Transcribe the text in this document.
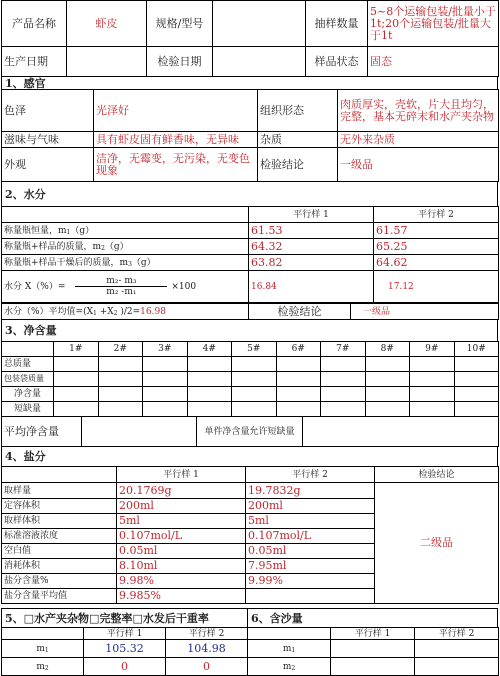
产品名称	虾皮	规格/型号		抽样数量	5~8个运输包装/批量小于1t;20个运输包装/批量大于1t
生产日期		检验日期		样品状态	固态
1、感官
色泽	光泽好	组织形态	肉质厚实，壳软，片大且均匀，完整，基本无碎末和水产夹杂物
滋味与气味	具有虾皮固有鲜香味，无异味	杂质	无外来杂质
外观	洁净，无霉变，无污染，无变色现象	检验结论	一级品
2、水分
	平行样 1	平行样 2
称量瓶恒量，$m_1(g)$	61.53	61.57
称量瓶+样品的质量，$m_2(g)$	64.32	65.25
称量瓶+样品干燥后的质量，$m_3(g)$	63.82	64.62

水分 $X(\%)= \frac{\text{m₂- m₃}}{\text{m₂ -m₁}} \times 100$	16.84	17.12
水分（%）平均值$=(X_1 +X_2$ )/2=16.98	检验结论	一级品
3、净含量
	1#	2#	3#	4#	5#	6#	7#	8#	9#	10#
总质量										
包装袋质量										
净含量										
短缺量										
平均净含量		单件净含量允许短缺量	
4、盐分
	平行样 1	平行样 2	检验结论
取样量	20.1769g	19.7832g	二级品
定容体积	200ml	200ml	
取样体积	5ml	5ml	
标准溶液浓度	0.107mol/L	0.107mol/L	
空白值	0.05ml	0.05ml	
消耗体积	8.10ml	7.95ml	
盐分含量%	9.98%	9.99%	
盐分含量平均值	9.985%		
5、□水产夹杂物□完整率□水发后干重率
	平行样 1	平行样 2
$m_1$	105.32	104.98
$m_2$	0	0
6、含沙量
	平行样 1	平行样 2
$m_1$		
$m_2$		
